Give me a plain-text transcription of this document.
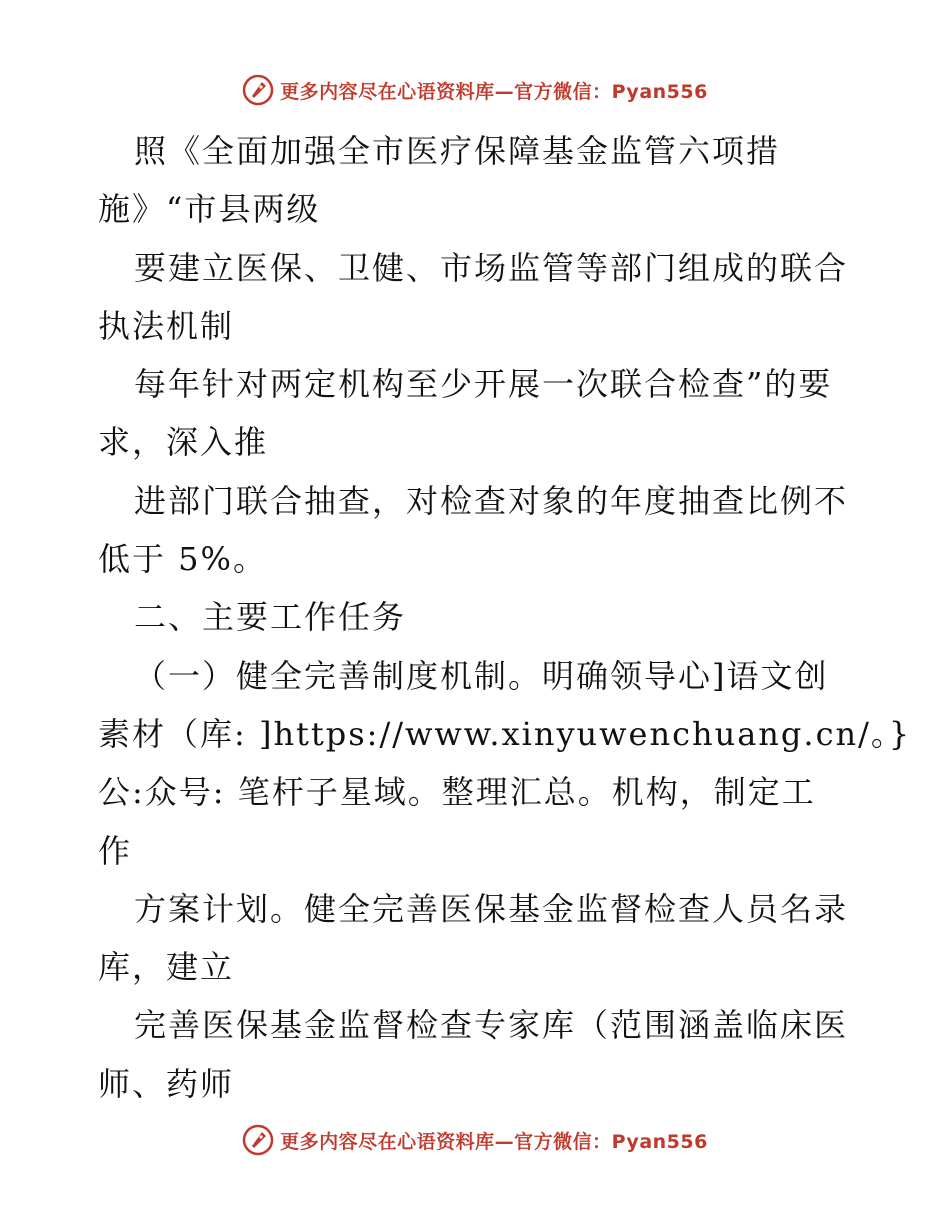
更多内容尽在心语资料库—官方微信：Pyan556
照《全面加强全市医疗保障基金监管六项措
施》“市县两级
要建立医保、卫健、市场监管等部门组成的联合
执法机制
每年针对两定机构至少开展一次联合检查”的要
求，深入推
进部门联合抽查，对检查对象的年度抽查比例不
低于 5%。
二、主要工作任务
（一）健全完善制度机制。明确领导心]语文创
素材（库: ]https://www.xinyuwenchuang.cn/。}
公:众号: 笔杆子星域。整理汇总。机构，制定工
作
方案计划。健全完善医保基金监督检查人员名录
库，建立
完善医保基金监督检查专家库（范围涵盖临床医
师、药师
更多内容尽在心语资料库—官方微信：Pyan556
